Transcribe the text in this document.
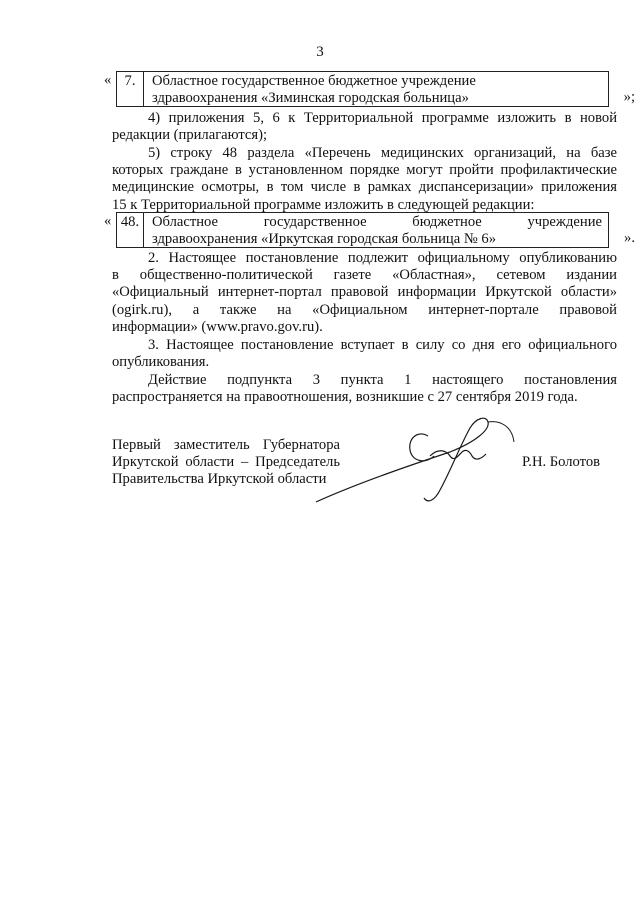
3
« 7.	Областное государственное бюджетное учреждение
здравоохранения «Зиминская городская больница»	»;
4) приложения 5, 6 к Территориальной программе изложить в новой
редакции (прилагаются);
5) строку 48 раздела «Перечень медицинских организаций, на базе
которых граждане в установленном порядке могут пройти профилактические
медицинские осмотры, в том числе в рамках диспансеризации» приложения
15 к Территориальной программе изложить в следующей редакции:
« 48. Областное государственное бюджетное учреждение
здравоохранения «Иркутская городская больница № 6»	».
2. Настоящее постановление подлежит официальному опубликованию
в общественно-политической газете «Областная», сетевом издании
«Официальный интернет-портал правовой информации Иркутской области»
(ogirk.ru), а также на «Официальном интернет-портале правовой
информации» (www.pravo.gov.ru).
3. Настоящее постановление вступает в силу со дня его официального
опубликования.
Действие подпункта 3 пункта 1 настоящего постановления
распространяется на правоотношения, возникшие с 27 сентября 2019 года.
Первый заместитель Губернатора
Иркутской области – Председатель
Правительства Иркутской области
Р.Н. Болотов
